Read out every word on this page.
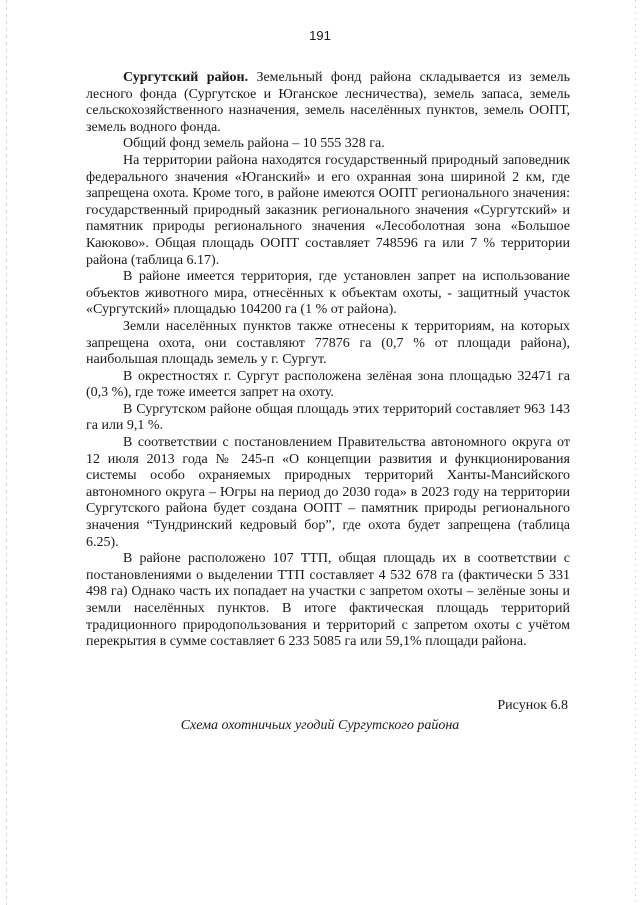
191

Сургутский район. Земельный фонд района складывается из земель лесного фонда (Сургутское и Юганское лесничества), земель запаса, земель сельскохозяйственного назначения, земель населённых пунктов, земель ООПТ, земель водного фонда.

Общий фонд земель района – 10 555 328 га.

На территории района находятся государственный природный заповедник федерального значения «Юганский» и его охранная зона шириной 2 км, где запрещена охота. Кроме того, в районе имеются ООПТ регионального значения: государственный природный заказник регионального значения «Сургутский» и памятник природы регионального значения «Лесоболотная зона «Большое Каюково». Общая площадь ООПТ составляет 748596 га или 7 % территории района (таблица 6.17).

В районе имеется территория, где установлен запрет на использование объектов животного мира, отнесённых к объектам охоты, - защитный участок «Сургутский» площадью 104200 га (1 % от района).

Земли населённых пунктов также отнесены к территориям, на которых запрещена охота, они составляют 77876 га (0,7 % от площади района), наибольшая площадь земель у г. Сургут.

В окрестностях г. Сургут расположена зелёная зона площадью 32471 га (0,3 %), где тоже имеется запрет на охоту.

В Сургутском районе общая площадь этих территорий составляет 963 143 га или 9,1 %.

В соответствии с постановлением Правительства автономного округа от 12 июля 2013 года № 245-п «О концепции развития и функционирования системы особо охраняемых природных территорий Ханты-Мансийского автономного округа – Югры на период до 2030 года» в 2023 году на территории Сургутского района будет создана ООПТ – памятник природы регионального значения “Тундринский кедровый бор”, где охота будет запрещена (таблица 6.25).

В районе расположено 107 ТТП, общая площадь их в соответствии с постановлениями о выделении ТТП составляет 4 532 678 га (фактически 5 331 498 га) Однако часть их попадает на участки с запретом охоты – зелёные зоны и земли населённых пунктов. В итоге фактическая площадь территорий традиционного природопользования и территорий с запретом охоты с учётом перекрытия в сумме составляет 6 233 5085 га или 59,1% площади района.

Рисунок 6.8
Схема охотничьих угодий Сургутского района
